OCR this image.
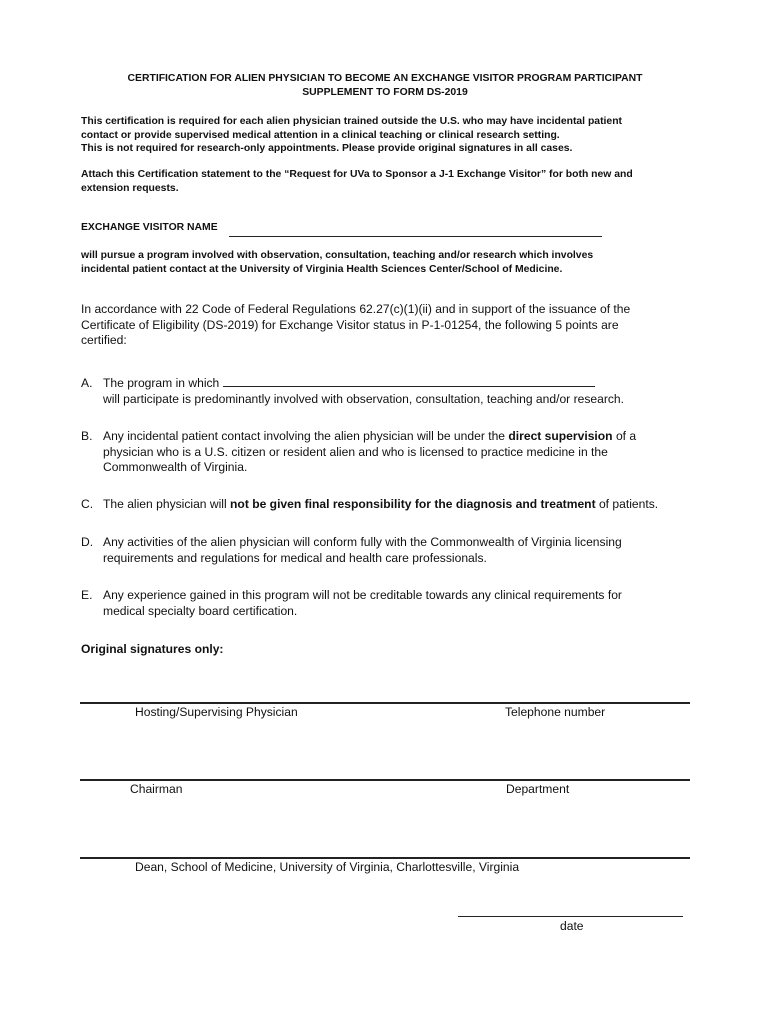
CERTIFICATION FOR ALIEN PHYSICIAN TO BECOME AN EXCHANGE VISITOR PROGRAM PARTICIPANT
SUPPLEMENT TO FORM DS-2019
This certification is required for each alien physician trained outside the U.S. who may have incidental patient
contact or provide supervised medical attention in a clinical teaching or clinical research setting.
This is not required for research-only appointments. Please provide original signatures in all cases.
Attach this Certification statement to the “Request for UVa to Sponsor a J-1 Exchange Visitor” for both new and
extension requests.
EXCHANGE VISITOR NAME
will pursue a program involved with observation, consultation, teaching and/or research which involves
incidental patient contact at the University of Virginia Health Sciences Center/School of Medicine.
In accordance with 22 Code of Federal Regulations 62.27(c)(1)(ii) and in support of the issuance of the
Certificate of Eligibility (DS-2019) for Exchange Visitor status in P-1-01254, the following 5 points are
certified:
A. The program in which
will participate is predominantly involved with observation, consultation, teaching and/or research.
B. Any incidental patient contact involving the alien physician will be under the direct supervision of a
physician who is a U.S. citizen or resident alien and who is licensed to practice medicine in the
Commonwealth of Virginia.
C. The alien physician will not be given final responsibility for the diagnosis and treatment of patients.
D. Any activities of the alien physician will conform fully with the Commonwealth of Virginia licensing
requirements and regulations for medical and health care professionals.
E. Any experience gained in this program will not be creditable towards any clinical requirements for
medical specialty board certification.
Original signatures only:
Hosting/Supervising Physician	Telephone number
Chairman	Department
Dean, School of Medicine, University of Virginia, Charlottesville, Virginia
date
